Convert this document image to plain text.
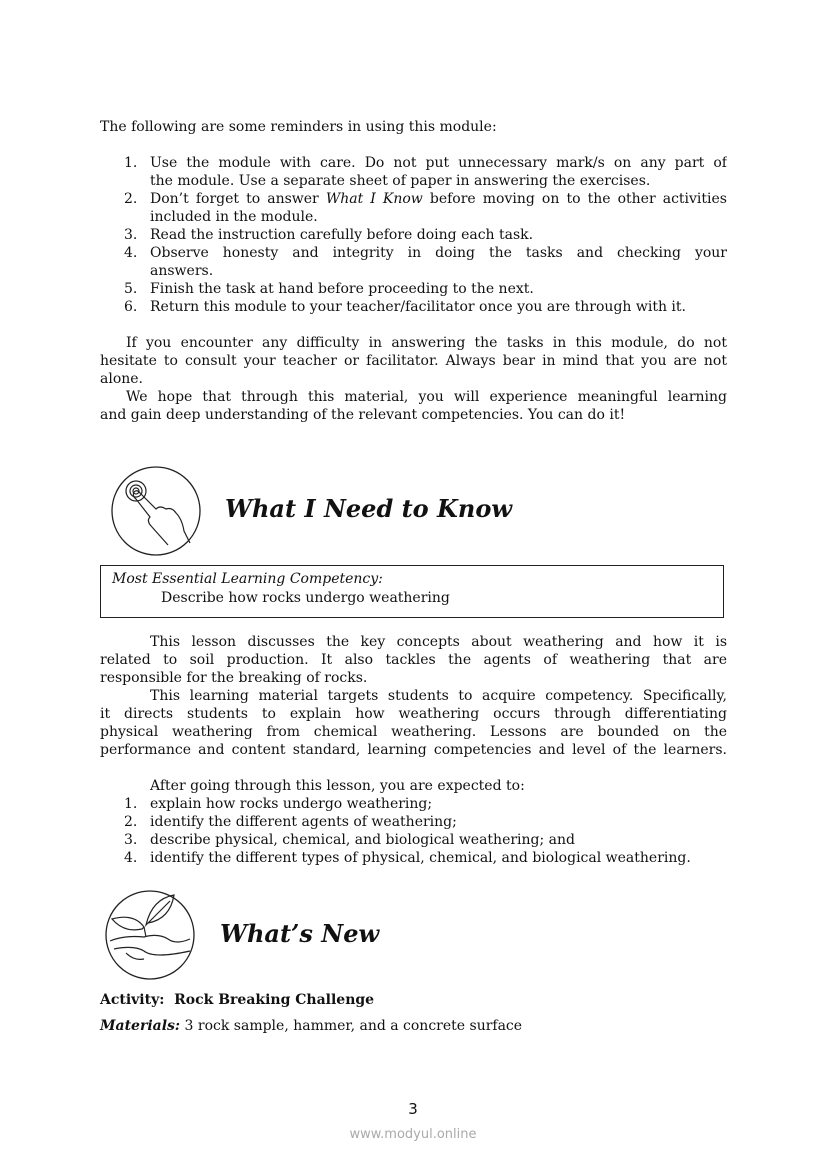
The following are some reminders in using this module:
1. Use the module with care. Do not put unnecessary mark/s on any part of
the module. Use a separate sheet of paper in answering the exercises.
2. Don’t forget to answer What I Know before moving on to the other activities
included in the module.
3. Read the instruction carefully before doing each task.
4. Observe honesty and integrity in doing the tasks and checking your
answers.
5. Finish the task at hand before proceeding to the next.
6. Return this module to your teacher/facilitator once you are through with it.
If you encounter any difficulty in answering the tasks in this module, do not
hesitate to consult your teacher or facilitator. Always bear in mind that you are not
alone.
We hope that through this material, you will experience meaningful learning
and gain deep understanding of the relevant competencies. You can do it!
What I Need to Know
Most Essential Learning Competency:
Describe how rocks undergo weathering
This lesson discusses the key concepts about weathering and how it is
related to soil production. It also tackles the agents of weathering that are
responsible for the breaking of rocks.
This learning material targets students to acquire competency. Specifically,
it directs students to explain how weathering occurs through differentiating
physical weathering from chemical weathering. Lessons are bounded on the
performance and content standard, learning competencies and level of the learners.
After going through this lesson, you are expected to:
1. explain how rocks undergo weathering;
2. identify the different agents of weathering;
3. describe physical, chemical, and biological weathering; and
4. identify the different types of physical, chemical, and biological weathering.
What’s New
Activity: Rock Breaking Challenge
Materials: 3 rock sample, hammer, and a concrete surface
3
www.modyul.online
